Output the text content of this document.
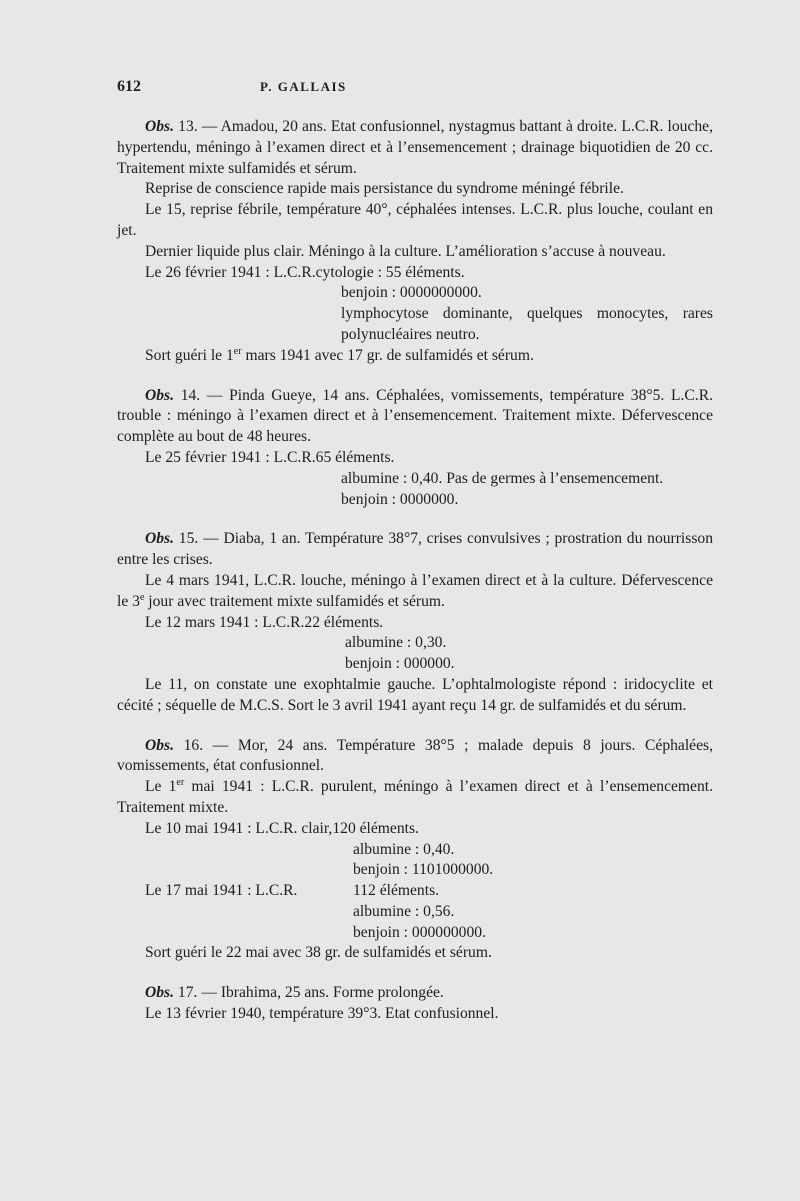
612	P. GALLAIS

Obs. 13. — Amadou, 20 ans. Etat confusionnel, nystagmus battant à droite. L.C.R. louche, hypertendu, méningo à l’examen direct et à l’ensemencement ; drainage biquotidien de 20 cc. Traitement mixte sulfamidés et sérum.

Reprise de conscience rapide mais persistance du syndrome méningé fébrile.

Le 15, reprise fébrile, température 40°, céphalées intenses. L.C.R. plus louche, coulant en jet.

Dernier liquide plus clair. Méningo à la culture. L’amélioration s’accuse à nouveau.

Le 26 février 1941 : L.C.R.cytologie : 55 éléments.
benjoin : 0000000000.
lymphocytose dominante, quelques monocytes, rares polynucléaires neutro.

Sort guéri le 1er mars 1941 avec 17 gr. de sulfamidés et sérum.

Obs. 14. — Pinda Gueye, 14 ans. Céphalées, vomissements, température 38°5. L.C.R. trouble : méningo à l’examen direct et à l’ensemencement. Traitement mixte. Défervescence complète au bout de 48 heures.

Le 25 février 1941 : L.C.R.65 éléments.
albumine : 0,40. Pas de germes à l’ensemencement.
benjoin : 0000000.

Obs. 15. — Diaba, 1 an. Température 38°7, crises convulsives ; prostration du nourrisson entre les crises.

Le 4 mars 1941, L.C.R. louche, méningo à l’examen direct et à la culture. Défervescence le 3e jour avec traitement mixte sulfamidés et sérum.

Le 12 mars 1941 : L.C.R.22 éléments.
albumine : 0,30.
benjoin : 000000.

Le 11, on constate une exophtalmie gauche. L’ophtalmologiste répond : iridocyclite et cécité ; séquelle de M.C.S. Sort le 3 avril 1941 ayant reçu 14 gr. de sulfamidés et du sérum.

Obs. 16. — Mor, 24 ans. Température 38°5 ; malade depuis 8 jours. Céphalées, vomissements, état confusionnel.

Le 1er mai 1941 : L.C.R. purulent, méningo à l’examen direct et à l’ensemencement. Traitement mixte.

Le 10 mai 1941 : L.C.R. clair,120 éléments.
albumine : 0,40.
benjoin : 1101000000.
Le 17 mai 1941 : L.C.R.	112 éléments.
albumine : 0,56.
benjoin : 000000000.

Sort guéri le 22 mai avec 38 gr. de sulfamidés et sérum.

Obs. 17. — Ibrahima, 25 ans. Forme prolongée.

Le 13 février 1940, température 39°3. Etat confusionnel.
